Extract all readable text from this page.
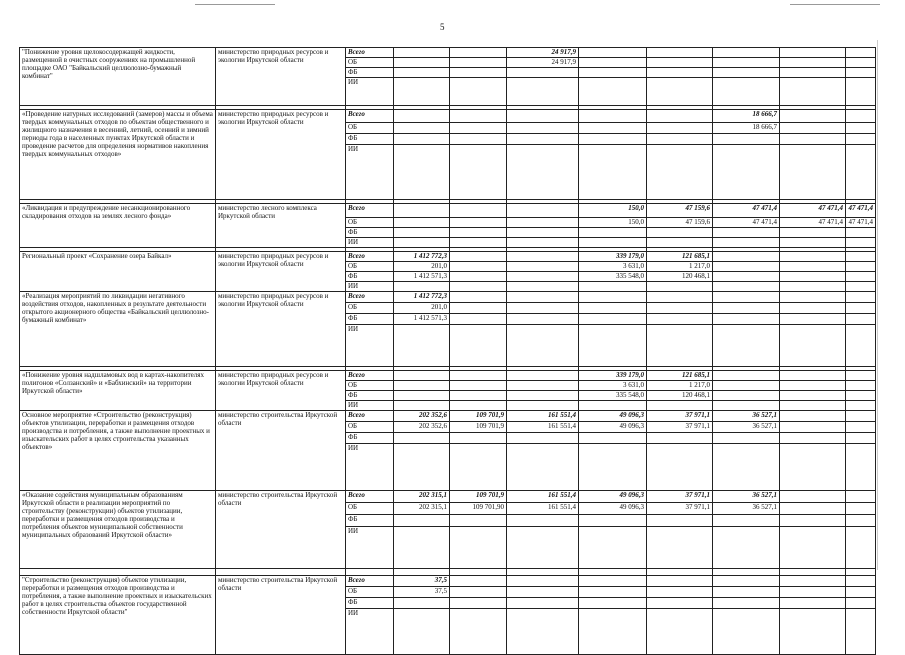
5
"Понижение уровня щелокосодержащей жидкости, размещенной в очистных сооружениях на промышленной площадке ОАО "Байкальский целлюлозно-бумажный комбинат"	министерство природных ресурсов и экологии Иркутской области	Всего			24 917,9					
		ОБ			24 917,9					
		ФБ								
		ИИ								

«Проведение натурных исследований (замеров) массы и объема твердых коммунальных отходов по объектам общественного и жилищного назначения в весенний, летний, осенний и зимний периоды года в населенных пунктах Иркутской области и проведение расчетов для определения нормативов накопления твердых коммунальных отходов»	министерство природных ресурсов и экологии Иркутской области	Всего						18 666,7		
		ОБ						18 666,7		
		ФБ								
		ИИ								

«Ликвидация и предупреждение несанкционированного складирования отходов на землях лесного фонда»	министерство лесного комплекса Иркутской области	Всего				150,0	47 159,6	47 471,4	47 471,4	47 471,4
		ОБ				150,0	47 159,6	47 471,4	47 471,4	47 471,4
		ФБ								
		ИИ								

Региональный проект «Сохранение озера Байкал»	министерство природных ресурсов и экологии Иркутской области	Всего	1 412 772,3			339 179,0	121 685,1			
		ОБ	201,0			3 631,0	1 217,0			
		ФБ	1 412 571,3			335 548,0	120 468,1			
		ИИ								
«Реализация мероприятий по ликвидации негативного воздействия отходов, накопленных в результате деятельности открытого акционерного общества «Байкальский целлюлозно-бумажный комбинат»	министерство природных ресурсов и экологии Иркутской области	Всего	1 412 772,3							
		ОБ	201,0							
		ФБ	1 412 571,3							
		ИИ								

«Понижение уровня надшламовых вод в картах-накопителях полигонов «Солзанский» и «Бабхинский» на территории Иркутской области»	министерство природных ресурсов и экологии Иркутской области	Всего				339 179,0	121 685,1			
		ОБ				3 631,0	1 217,0			
		ФБ				335 548,0	120 468,1			
		ИИ								
Основное мероприятие «Строительство (реконструкция) объектов утилизации, переработки и размещения отходов производства и потребления, а также выполнение проектных и изыскательских работ в целях строительства указанных объектов»	министерство строительства Иркутской области	Всего	202 352,6	109 701,9	161 551,4	49 096,3	37 971,1	36 527,1		
		ОБ	202 352,6	109 701,9	161 551,4	49 096,3	37 971,1	36 527,1		
		ФБ								
		ИИ								
«Оказание содействия муниципальным образованиям Иркутской области в реализации мероприятий по строительству (реконструкции) объектов утилизации, переработки и размещения отходов производства и потребления объектов муниципальной собственности муниципальных образований Иркутской области»	министерство строительства Иркутской области	Всего	202 315,1	109 701,9	161 551,4	49 096,3	37 971,1	36 527,1		
		ОБ	202 315,1	109 701,90	161 551,4	49 096,3	37 971,1	36 527,1		
		ФБ								
		ИИ								

"Строительство (реконструкция) объектов утилизации, переработки и размещения отходов производства и потребления, а также выполнение проектных и изыскательских работ в целях строительства объектов государственной собственности Иркутской области"	министерство строительства Иркутской области	Всего	37,5							
		ОБ	37,5							
		ФБ								
		ИИ								
